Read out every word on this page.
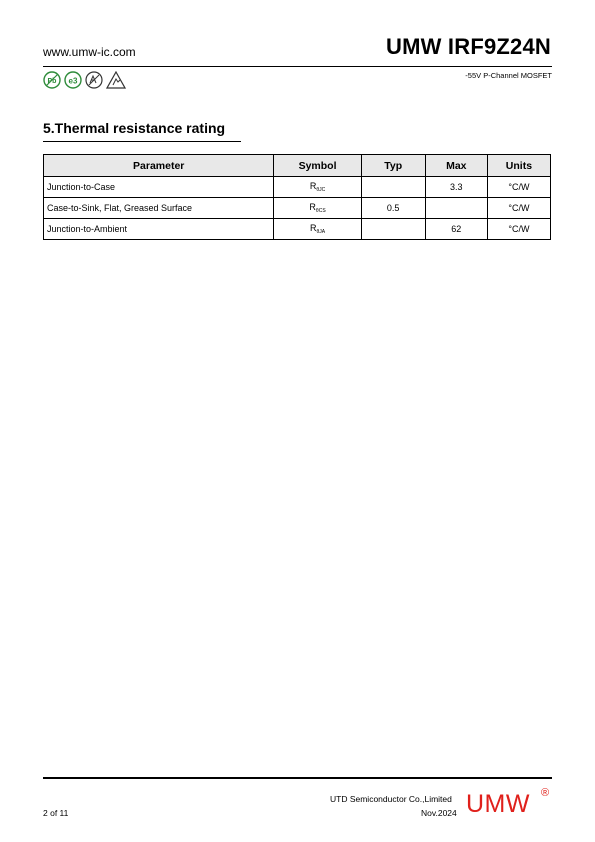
www.umw-ic.com	UMW IRF9Z24N
Pb e3
-55V P-Channel MOSFET
5.Thermal resistance rating
Parameter	Symbol	Typ	Max	Units
Junction-to-Case	$R_{\theta JC}$		3.3	°C/W
Case-to-Sink, Flat, Greased Surface	$R_{\theta CS}$	0.5		°C/W
Junction-to-Ambient	$R_{\theta JA}$		62	°C/W
2 of 11
UTD Semiconductor Co.,Limited
Nov.2024 UMW ®
